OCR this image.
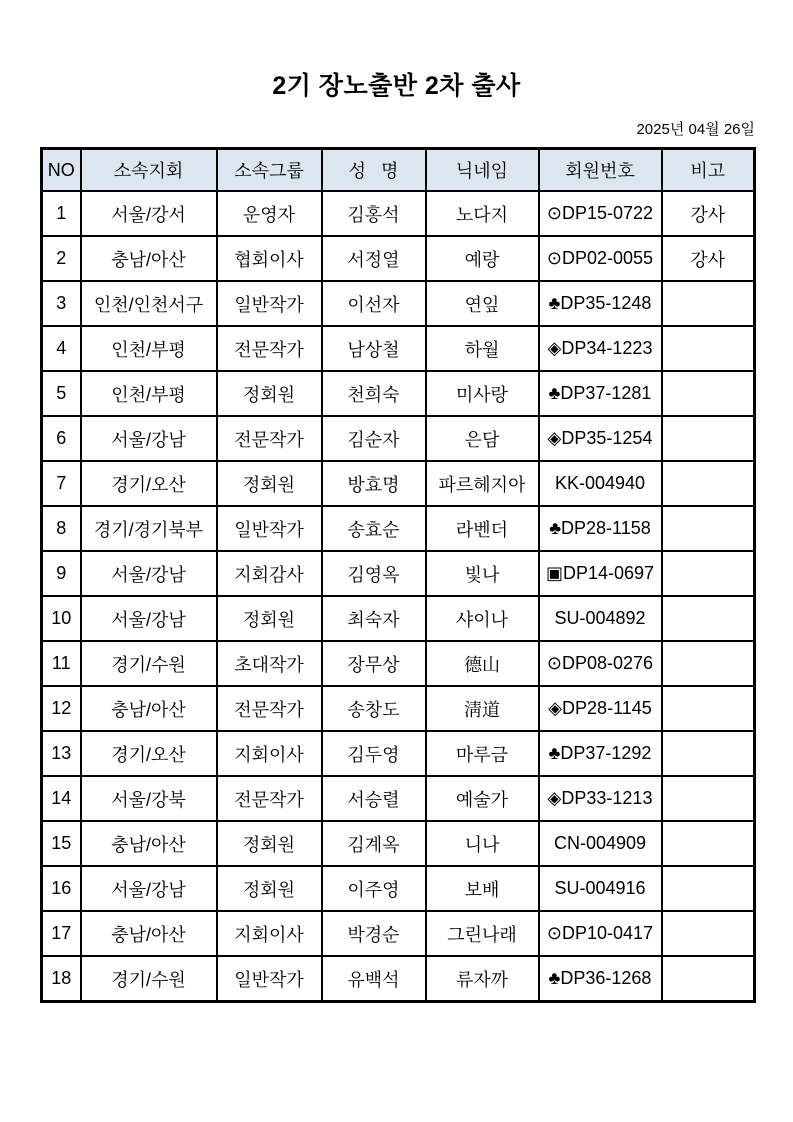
2기 장노출반 2차 출사
2025년 04월 26일
NO	소속지회	소속그룹	성   명	닉네임	회원번호	비고
1	서울/강서	운영자	김홍석	노다지	⊙DP15-0722	강사
2	충남/아산	협회이사	서정열	예랑	⊙DP02-0055	강사
3	인천/인천서구	일반작가	이선자	연잎	♣DP35-1248	
4	인천/부평	전문작가	남상철	하월	◈DP34-1223	
5	인천/부평	정회원	천희숙	미사랑	♣DP37-1281	
6	서울/강남	전문작가	김순자	은담	◈DP35-1254	
7	경기/오산	정회원	방효명	파르헤지아	KK-004940	
8	경기/경기북부	일반작가	송효순	라벤더	♣DP28-1158	
9	서울/강남	지회감사	김영옥	빛나	▣DP14-0697	
10	서울/강남	정회원	최숙자	샤이나	SU-004892	
11	경기/수원	초대작가	장무상	德山	⊙DP08-0276	
12	충남/아산	전문작가	송창도	淸道	◈DP28-1145	
13	경기/오산	지회이사	김두영	마루금	♣DP37-1292	
14	서울/강북	전문작가	서승렬	예술가	◈DP33-1213	
15	충남/아산	정회원	김계옥	니나	CN-004909	
16	서울/강남	정회원	이주영	보배	SU-004916	
17	충남/아산	지회이사	박경순	그린나래	⊙DP10-0417	
18	경기/수원	일반작가	유백석	류자까	♣DP36-1268	
